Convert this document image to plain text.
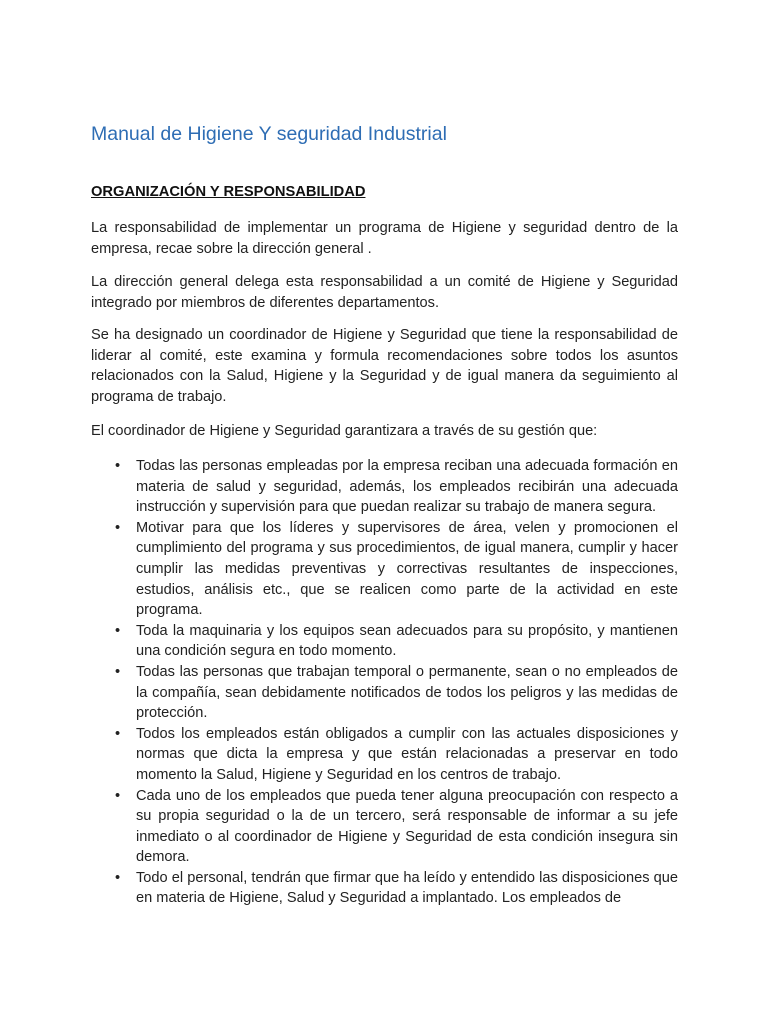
Manual de Higiene Y seguridad Industrial
ORGANIZACIÓN Y RESPONSABILIDAD

La responsabilidad de implementar un programa de Higiene y seguridad dentro de la empresa, recae sobre la dirección general .

La dirección general delega esta responsabilidad a un comité de Higiene y Seguridad integrado por miembros de diferentes departamentos.

Se ha designado un coordinador de Higiene y Seguridad que tiene la responsabilidad de liderar al comité, este examina y formula recomendaciones sobre todos los asuntos relacionados con la Salud, Higiene y la Seguridad y de igual manera da seguimiento al programa de trabajo.

El coordinador de Higiene y Seguridad garantizara a través de su gestión que:

• Todas las personas empleadas por la empresa reciban una adecuada formación en materia de salud y seguridad, además, los empleados recibirán una adecuada instrucción y supervisión para que puedan realizar su trabajo de manera segura.
• Motivar para que los líderes y supervisores de área, velen y promocionen el cumplimiento del programa y sus procedimientos, de igual manera, cumplir y hacer cumplir las medidas preventivas y correctivas resultantes de inspecciones, estudios, análisis etc., que se realicen como parte de la actividad en este programa.
• Toda la maquinaria y los equipos sean adecuados para su propósito, y mantienen una condición segura en todo momento.
• Todas las personas que trabajan temporal o permanente, sean o no empleados de la compañía, sean debidamente notificados de todos los peligros y las medidas de protección.
• Todos los empleados están obligados a cumplir con las actuales disposiciones y normas que dicta la empresa y que están relacionadas a preservar en todo momento la Salud, Higiene y Seguridad en los centros de trabajo.
• Cada uno de los empleados que pueda tener alguna preocupación con respecto a su propia seguridad o la de un tercero, será responsable de informar a su jefe inmediato o al coordinador de Higiene y Seguridad de esta condición insegura sin demora.
• Todo el personal, tendrán que firmar que ha leído y entendido las disposiciones que en materia de Higiene, Salud y Seguridad a implantado. Los empleados de
